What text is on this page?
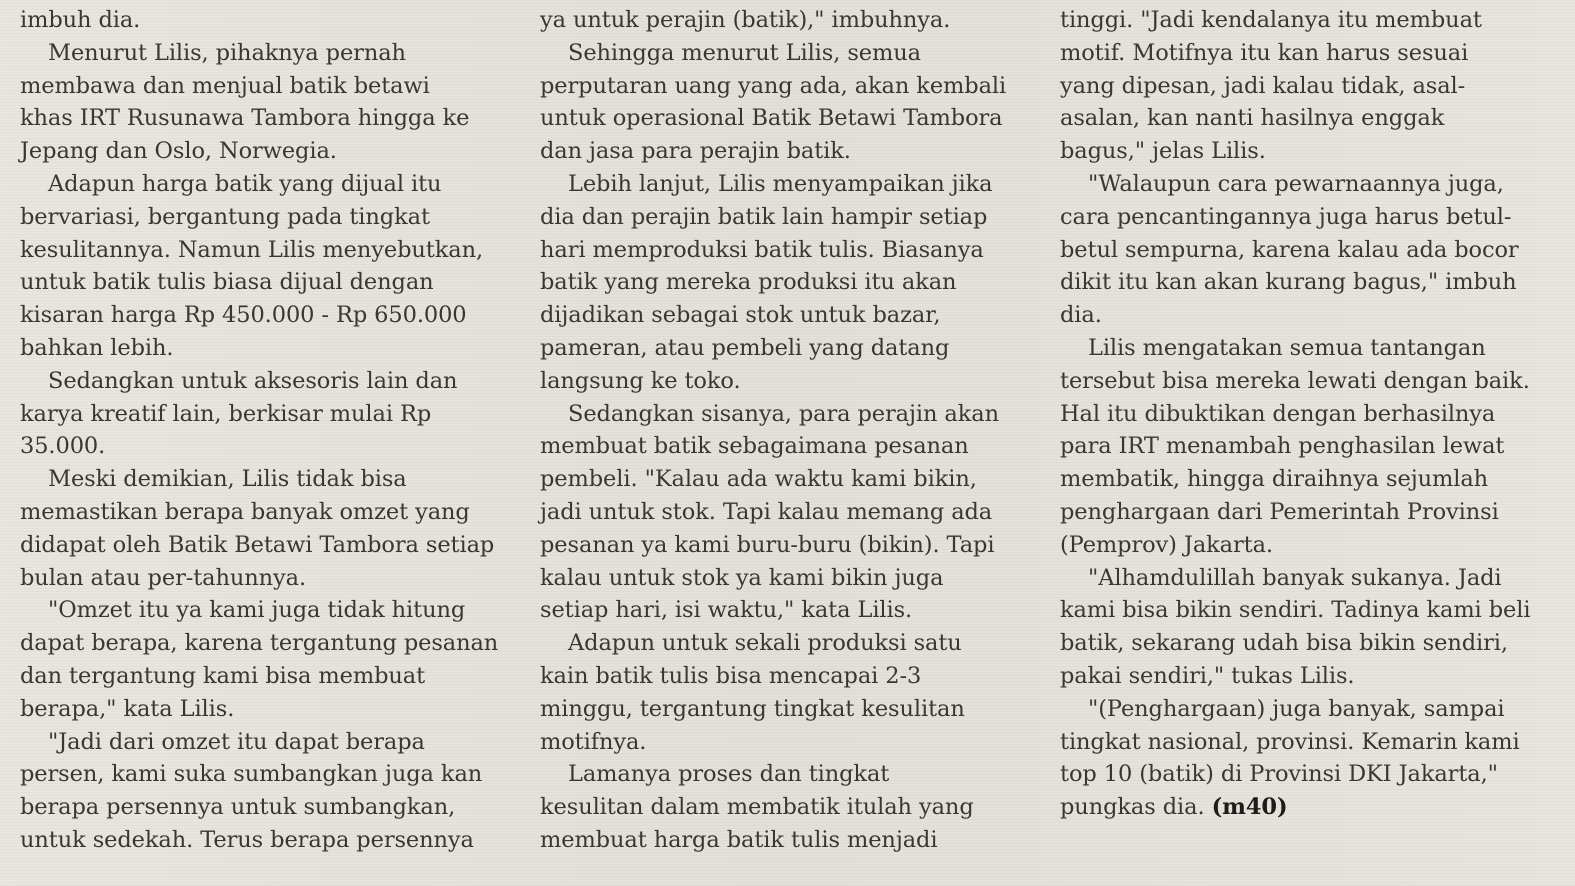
imbuh dia.
Menurut Lilis, pihaknya pernah
membawa dan menjual batik betawi
khas IRT Rusunawa Tambora hingga ke
Jepang dan Oslo, Norwegia.
Adapun harga batik yang dijual itu
bervariasi, bergantung pada tingkat
kesulitannya. Namun Lilis menyebutkan,
untuk batik tulis biasa dijual dengan
kisaran harga Rp 450.000 - Rp 650.000
bahkan lebih.
Sedangkan untuk aksesoris lain dan
karya kreatif lain, berkisar mulai Rp
35.000.
Meski demikian, Lilis tidak bisa
memastikan berapa banyak omzet yang
didapat oleh Batik Betawi Tambora setiap
bulan atau per-tahunnya.
"Omzet itu ya kami juga tidak hitung
dapat berapa, karena tergantung pesanan
dan tergantung kami bisa membuat
berapa," kata Lilis.
"Jadi dari omzet itu dapat berapa
persen, kami suka sumbangkan juga kan
berapa persennya untuk sumbangkan,
untuk sedekah. Terus berapa persennya
ya untuk perajin (batik)," imbuhnya.
Sehingga menurut Lilis, semua
perputaran uang yang ada, akan kembali
untuk operasional Batik Betawi Tambora
dan jasa para perajin batik.
Lebih lanjut, Lilis menyampaikan jika
dia dan perajin batik lain hampir setiap
hari memproduksi batik tulis. Biasanya
batik yang mereka produksi itu akan
dijadikan sebagai stok untuk bazar,
pameran, atau pembeli yang datang
langsung ke toko.
Sedangkan sisanya, para perajin akan
membuat batik sebagaimana pesanan
pembeli. "Kalau ada waktu kami bikin,
jadi untuk stok. Tapi kalau memang ada
pesanan ya kami buru-buru (bikin). Tapi
kalau untuk stok ya kami bikin juga
setiap hari, isi waktu," kata Lilis.
Adapun untuk sekali produksi satu
kain batik tulis bisa mencapai 2-3
minggu, tergantung tingkat kesulitan
motifnya.
Lamanya proses dan tingkat
kesulitan dalam membatik itulah yang
membuat harga batik tulis menjadi
tinggi. "Jadi kendalanya itu membuat
motif. Motifnya itu kan harus sesuai
yang dipesan, jadi kalau tidak, asal-
asalan, kan nanti hasilnya enggak
bagus," jelas Lilis.
"Walaupun cara pewarnaannya juga,
cara pencantingannya juga harus betul-
betul sempurna, karena kalau ada bocor
dikit itu kan akan kurang bagus," imbuh
dia.
Lilis mengatakan semua tantangan
tersebut bisa mereka lewati dengan baik.
Hal itu dibuktikan dengan berhasilnya
para IRT menambah penghasilan lewat
membatik, hingga diraihnya sejumlah
penghargaan dari Pemerintah Provinsi
(Pemprov) Jakarta.
"Alhamdulillah banyak sukanya. Jadi
kami bisa bikin sendiri. Tadinya kami beli
batik, sekarang udah bisa bikin sendiri,
pakai sendiri," tukas Lilis.
"(Penghargaan) juga banyak, sampai
tingkat nasional, provinsi. Kemarin kami
top 10 (batik) di Provinsi DKI Jakarta,"
pungkas dia. (m40)
